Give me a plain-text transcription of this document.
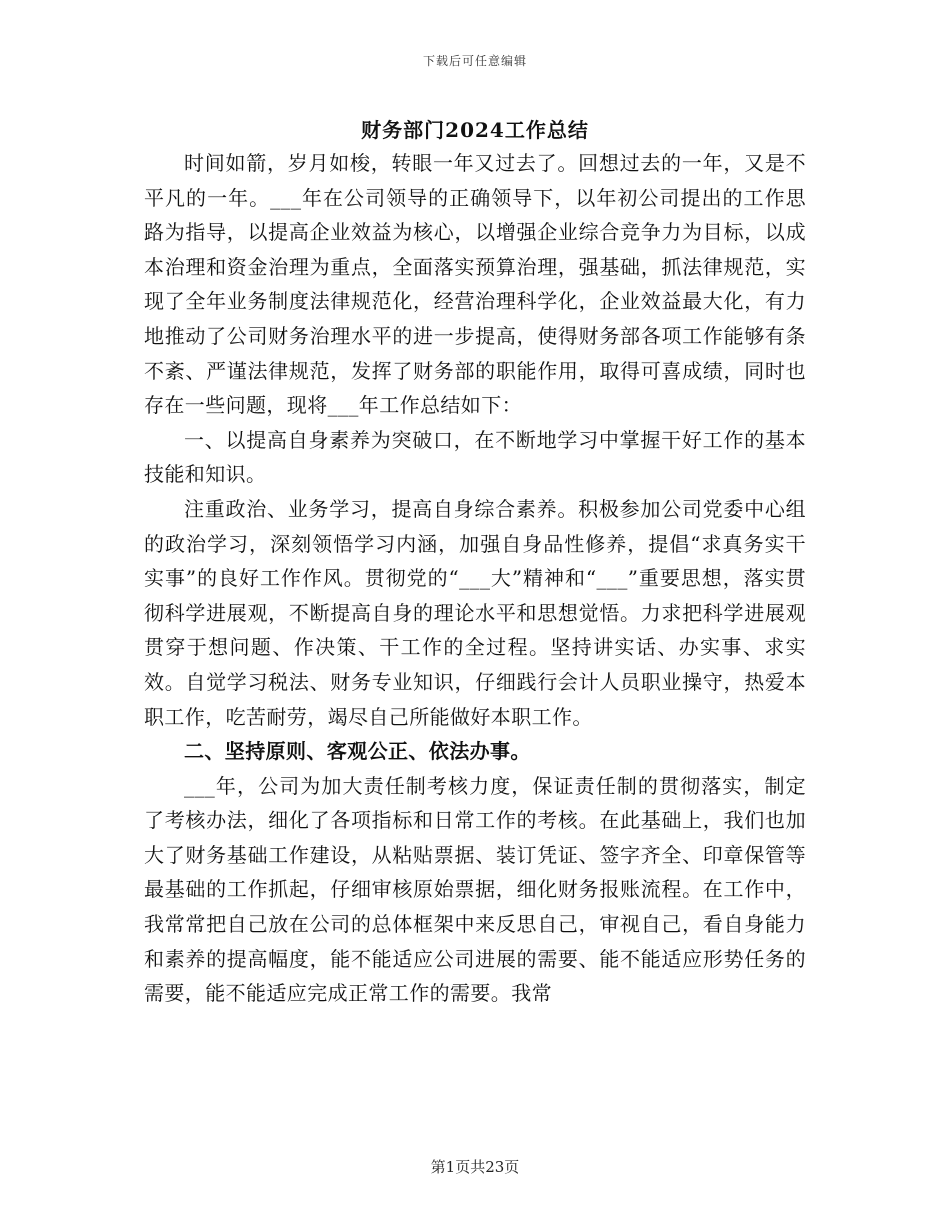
下载后可任意编辑
财务部门2024工作总结

时间如箭，岁月如梭，转眼一年又过去了。回想过去的一年，又是不平凡的一年。___年在公司领导的正确领导下，以年初公司提出的工作思路为指导，以提高企业效益为核心，以增强企业综合竞争力为目标，以成本治理和资金治理为重点，全面落实预算治理，强基础，抓法律规范，实现了全年业务制度法律规范化，经营治理科学化，企业效益最大化，有力地推动了公司财务治理水平的进一步提高，使得财务部各项工作能够有条不紊、严谨法律规范，发挥了财务部的职能作用，取得可喜成绩，同时也存在一些问题，现将___年工作总结如下：

一、以提高自身素养为突破口，在不断地学习中掌握干好工作的基本技能和知识。

注重政治、业务学习，提高自身综合素养。积极参加公司党委中心组的政治学习，深刻领悟学习内涵，加强自身品性修养，提倡“求真务实干实事”的良好工作作风。贯彻党的“___大”精神和“___”重要思想，落实贯彻科学进展观，不断提高自身的理论水平和思想觉悟。力求把科学进展观贯穿于想问题、作决策、干工作的全过程。坚持讲实话、办实事、求实效。自觉学习税法、财务专业知识，仔细践行会计人员职业操守，热爱本职工作，吃苦耐劳，竭尽自己所能做好本职工作。

二、坚持原则、客观公正、依法办事。

___年，公司为加大责任制考核力度，保证责任制的贯彻落实，制定了考核办法，细化了各项指标和日常工作的考核。在此基础上，我们也加大了财务基础工作建设，从粘贴票据、装订凭证、签字齐全、印章保管等最基础的工作抓起，仔细审核原始票据，细化财务报账流程。在工作中，我常常把自己放在公司的总体框架中来反思自己，审视自己，看自身能力和素养的提高幅度，能不能适应公司进展的需要、能不能适应形势任务的需要，能不能适应完成正常工作的需要。我常

第1页共23页
